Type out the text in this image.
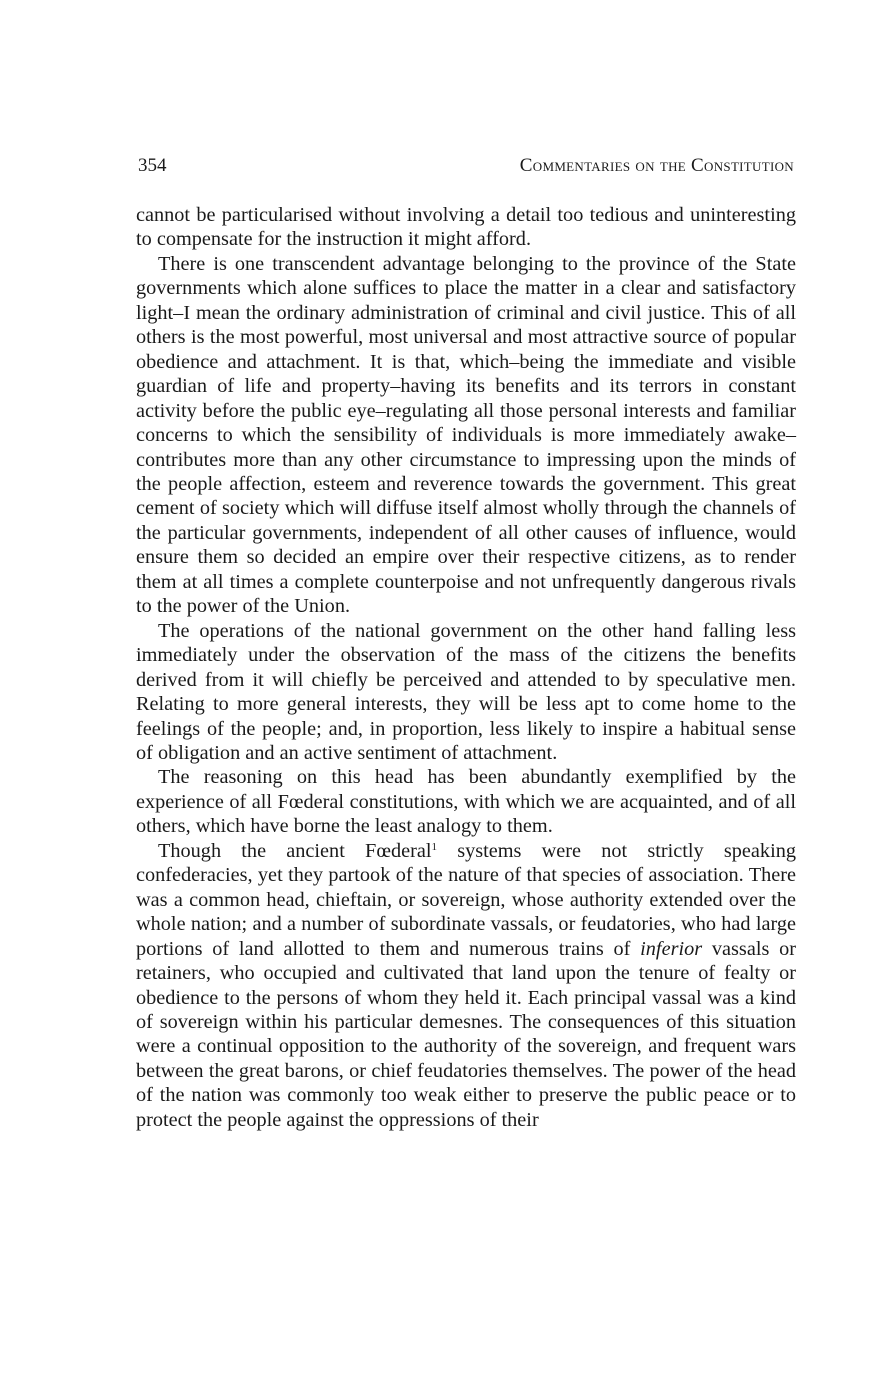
354	Commentaries on the Constitution

cannot be particularised without involving a detail too tedious and uninteresting to compensate for the instruction it might afford.

There is one transcendent advantage belonging to the province of the State governments which alone suffices to place the matter in a clear and satisfactory light–I mean the ordinary administration of criminal and civil justice. This of all others is the most powerful, most universal and most attractive source of popular obedience and attachment. It is that, which–being the immediate and visible guardian of life and property–having its benefits and its terrors in constant activity before the public eye–regulating all those personal interests and familiar concerns to which the sensibility of individuals is more immediately awake–contributes more than any other circumstance to impressing upon the minds of the people affection, esteem and reverence towards the government. This great cement of society which will diffuse itself almost wholly through the channels of the particular governments, independent of all other causes of influence, would ensure them so decided an empire over their respective citizens, as to render them at all times a complete counterpoise and not unfrequently dangerous rivals to the power of the Union.

The operations of the national government on the other hand falling less immediately under the observation of the mass of the citizens the benefits derived from it will chiefly be perceived and attended to by speculative men. Relating to more general interests, they will be less apt to come home to the feelings of the people; and, in proportion, less likely to inspire a habitual sense of obligation and an active sentiment of attachment.

The reasoning on this head has been abundantly exemplified by the experience of all Fœderal constitutions, with which we are acquainted, and of all others, which have borne the least analogy to them.

Though the ancient Fœderal$^1$ systems were not strictly speaking confederacies, yet they partook of the nature of that species of association. There was a common head, chieftain, or sovereign, whose authority extended over the whole nation; and a number of subordinate vassals, or feudatories, who had large portions of land allotted to them and numerous trains of inferior vassals or retainers, who occupied and cultivated that land upon the tenure of fealty or obedience to the persons of whom they held it. Each principal vassal was a kind of sovereign within his particular demesnes. The consequences of this situation were a continual opposition to the authority of the sovereign, and frequent wars between the great barons, or chief feudatories themselves. The power of the head of the nation was commonly too weak either to preserve the public peace or to protect the people against the oppressions of their
